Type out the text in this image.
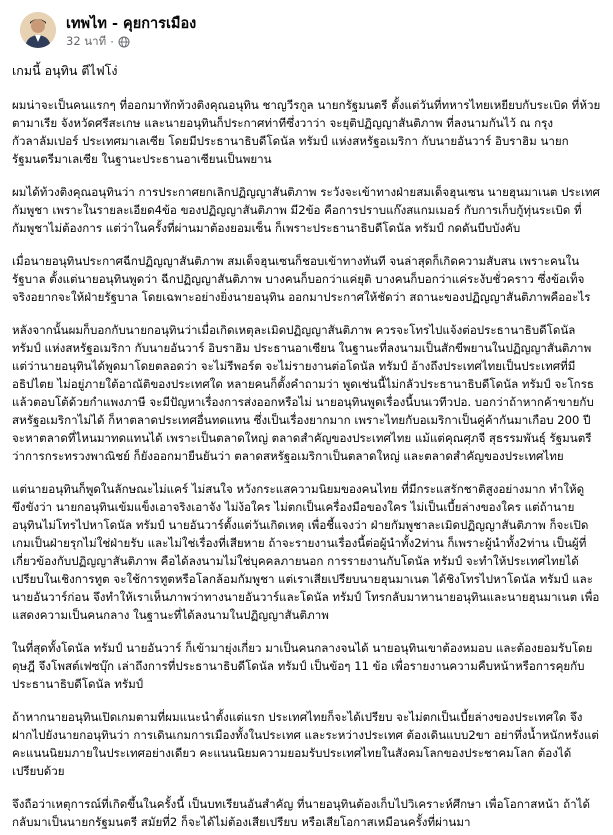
เทพไท - คุยการเมือง
32 นาที ·
เกมนี้ อนุทิน ตีไฟโง่

ผมน่าจะเป็นคนแรกๆ ที่ออกมาทักท้วงติงคุณอนุทิน ชาญวีรกูล นายกรัฐมนตรี ตั้งแต่วันที่ทหารไทยเหยียบกับระเบิด ที่ห้วยตามาเรีย จังหวัดศรีสะเกษ และนายอนุทินก็ประกาศท่าทีซึ่งวาว่า จะยุติปฏิญญาสันติภาพ ที่ลงนามกันไว้ ณ กรุงกัวลาลัมเปอร์ ประเทศมาเลเซีย โดยมีประธานาธิบดีโดนัล ทรัมป์ แห่งสหรัฐอเมริกา กับนายอันวาร์ อิบราฮิม นายกรัฐมนตรีมาเลเซีย ในฐานะประธานอาเซียนเป็นพยาน

ผมได้ท้วงติงคุณอนุทินว่า การประกาศยกเลิกปฏิญญาสันติภาพ ระวังจะเข้าทางฝ่ายสมเด็จฮุนเซน นายฮุนมาเนต ประเทศกัมพูชา เพราะในรายละเอียด4ข้อ ของปฏิญญาสันติภาพ มี2ข้อ คือการปราบแก๊งสแกมเมอร์ กับการเก็บกู้ทุ่นระเบิด ที่กัมพูชาไม่ต้องการ แต่ว่าในครั้งที่ผ่านมาต้องยอมเซ็น ก็เพราะประธานาธิบดีโดนัล ทรัมป์ กดดันบีบบังคับ

เมื่อนายอนุทินประกาศฉีกปฏิญญาสันติภาพ สมเด็จฮุนเซนก็ชอบเข้าทางทันที จนล่าสุดก็เกิดความสับสน เพราะคนในรัฐบาล ตั้งแต่นายอนุทินพูดว่า ฉีกปฏิญญาสันติภาพ บางคนก็บอกว่าแค่ยุติ บางคนก็บอกว่าแค่ระงับชั่วคราว ซึ่งข้อเท็จจริงอยากจะให้ฝ่ายรัฐบาล โดยเฉพาะอย่างยิ่งนายอนุทิน ออกมาประกาศให้ชัดว่า สถานะของปฏิญญาสันติภาพคืออะไร

หลังจากนั้นผมก็บอกกับนายกอนุทินว่าเมื่อเกิดเหตุละเมิดปฏิญญาสันติภาพ ควรจะโทรไปแจ้งต่อประธานาธิบดีโดนัล ทรัมป์ แห่งสหรัฐอเมริกา กับนายอันวาร์ อิบราฮิม ประธานอาเซียน ในฐานะที่ลงนามเป็นสักขีพยานในปฏิญญาสันติภาพ แต่ว่านายอนุทินได้พูดมาโดยตลอดว่า จะไม่รีพอร์ต จะไม่รายงานต่อโดนัล ทรัมป์ อ้างถึงประเทศไทยเป็นประเทศที่มีอธิปไตย ไม่อยู่ภายใต้อาณัติของประเทศใด หลายคนก็ตั้งคำถามว่า พูดเช่นนี้ไม่กลัวประธานาธิบดีโดนัล ทรัมป์ จะโกรธแล้วตอบโต้ด้วยกำแพงภาษี จะมีปัญหาเรื่องการส่งออกหรือไม่ นายอนุทินพูดเรื่องนี้บนเวทีวปอ. บอกว่าถ้าหากค้าขายกับสหรัฐอเมริกาไม่ได้ ก็หาตลาดประเทศอื่นทดแทน ซึ่งเป็นเรื่องยากมาก เพราะไทยกับอเมริกาเป็นคู่ค้ากันมาเกือบ 200 ปี จะหาตลาดที่ไหนมาทดแทนได้ เพราะเป็นตลาดใหญ่ ตลาดสำคัญของประเทศไทย แม้แต่คุณศุภจี สุธรรมพันธุ์ รัฐมนตรีว่าการกระทรวงพาณิชย์ ก็ยังออกมายืนยันว่า ตลาดสหรัฐอเมริกาเป็นตลาดใหญ่ และตลาดสำคัญของประเทศไทย

แต่นายอนุทินก็พูดในลักษณะไม่แคร์ ไม่สนใจ หวังกระแสความนิยมของคนไทย ที่มีกระแสรักชาติสูงอย่างมาก ทำให้ดูขึงขังว่า นายกอนุทินเข้มแข็งเอาจริงเอาจัง ไม่ง้อใคร ไม่ตกเป็นเครื่องมือของใคร ไม่เป็นเบี้ยล่างของใคร แต่ถ้านายอนุทินไม่โทรไปหาโดนัล ทรัมป์ นายอันวาร์ตั้งแต่วันเกิดเหตุ เพื่อชี้แจงว่า ฝ่ายกัมพูชาละเมิดปฏิญญาสันติภาพ ก็จะเปิดเกมเป็นฝ่ายรุกไม่ใช่ฝ่ายรับ และไม่ใช่เรื่องที่เสียหาย ถ้าจะรายงานเรื่องนี้ต่อผู้นำทั้ง2ท่าน ก็เพราะผู้นำทั้ง2ท่าน เป็นผู้ที่เกี่ยวข้องกับปฏิญญาสันติภาพ คือได้ลงนามไม่ใช่บุคคลภายนอก การรายงานกับโดนัล ทรัมป์ จะทำให้ประเทศไทยได้เปรียบในเชิงการทูต จะใช้การทูตหรือโลกล้อมกัมพูชา แต่เราเสียเปรียบนายฮุนมาเนต ได้ชิงโทรไปหาโดนัล ทรัมป์ และนายอันวาร์ก่อน จึงทำให้เราเห็นภาพว่าทางนายอันวาร์และโดนัล ทรัมป์ โทรกลับมาหานายอนุทินและนายฮุนมาเนต เพื่อแสดงความเป็นคนกลาง ในฐานะที่ได้ลงนามในปฏิญญาสันติภาพ

ในที่สุดทั้งโดนัล ทรัมป์ นายอันวาร์ ก็เข้ามายุ่งเกี่ยว มาเป็นคนกลางจนได้ นายอนุทินเขาต้องหมอบ และต้องยอมรับโดยดุษฎี จึงโพสต์เฟซบุ๊ก เล่าถึงการที่ประธานาธิบดีโดนัล ทรัมป์ เป็นข้อๆ 11 ข้อ เพื่อรายงานความคืบหน้าหรือการคุยกับประธานาธิบดีโดนัล ทรัมป์

ถ้าหากนายอนุทินเปิดเกมตามที่ผมแนะนำตั้งแต่แรก ประเทศไทยก็จะได้เปรียบ จะไม่ตกเป็นเบี้ยล่างของประเทศใด จึงฝากไปยังนายกอนุทินว่า การเดินเกมการเมืองทั้งในประเทศ และระหว่างประเทศ ต้องเดินแบบ2ขา อย่าทึ่งน้ำหนักหรังแต่คะแนนนิยมภายในประเทศอย่างเดียว คะแนนนิยมความยอมรับประเทศไทยในสังคมโลกของประชาคมโลก ต้องได้เปรียบด้วย

จึงถือว่าเหตุการณ์ที่เกิดขึ้นในครั้งนี้ เป็นบทเรียนอันสำคัญ ที่นายอนุทินต้องเก็บไปวิเคราะห์ศึกษา เพื่อโอกาสหน้า ถ้าได้กลับมาเป็นนายกรัฐมนตรี สมัยที่2 ก็จะได้ไม่ต้องเสียเปรียบ หรือเสียโอกาสเหมือนครั้งที่ผ่านมา
